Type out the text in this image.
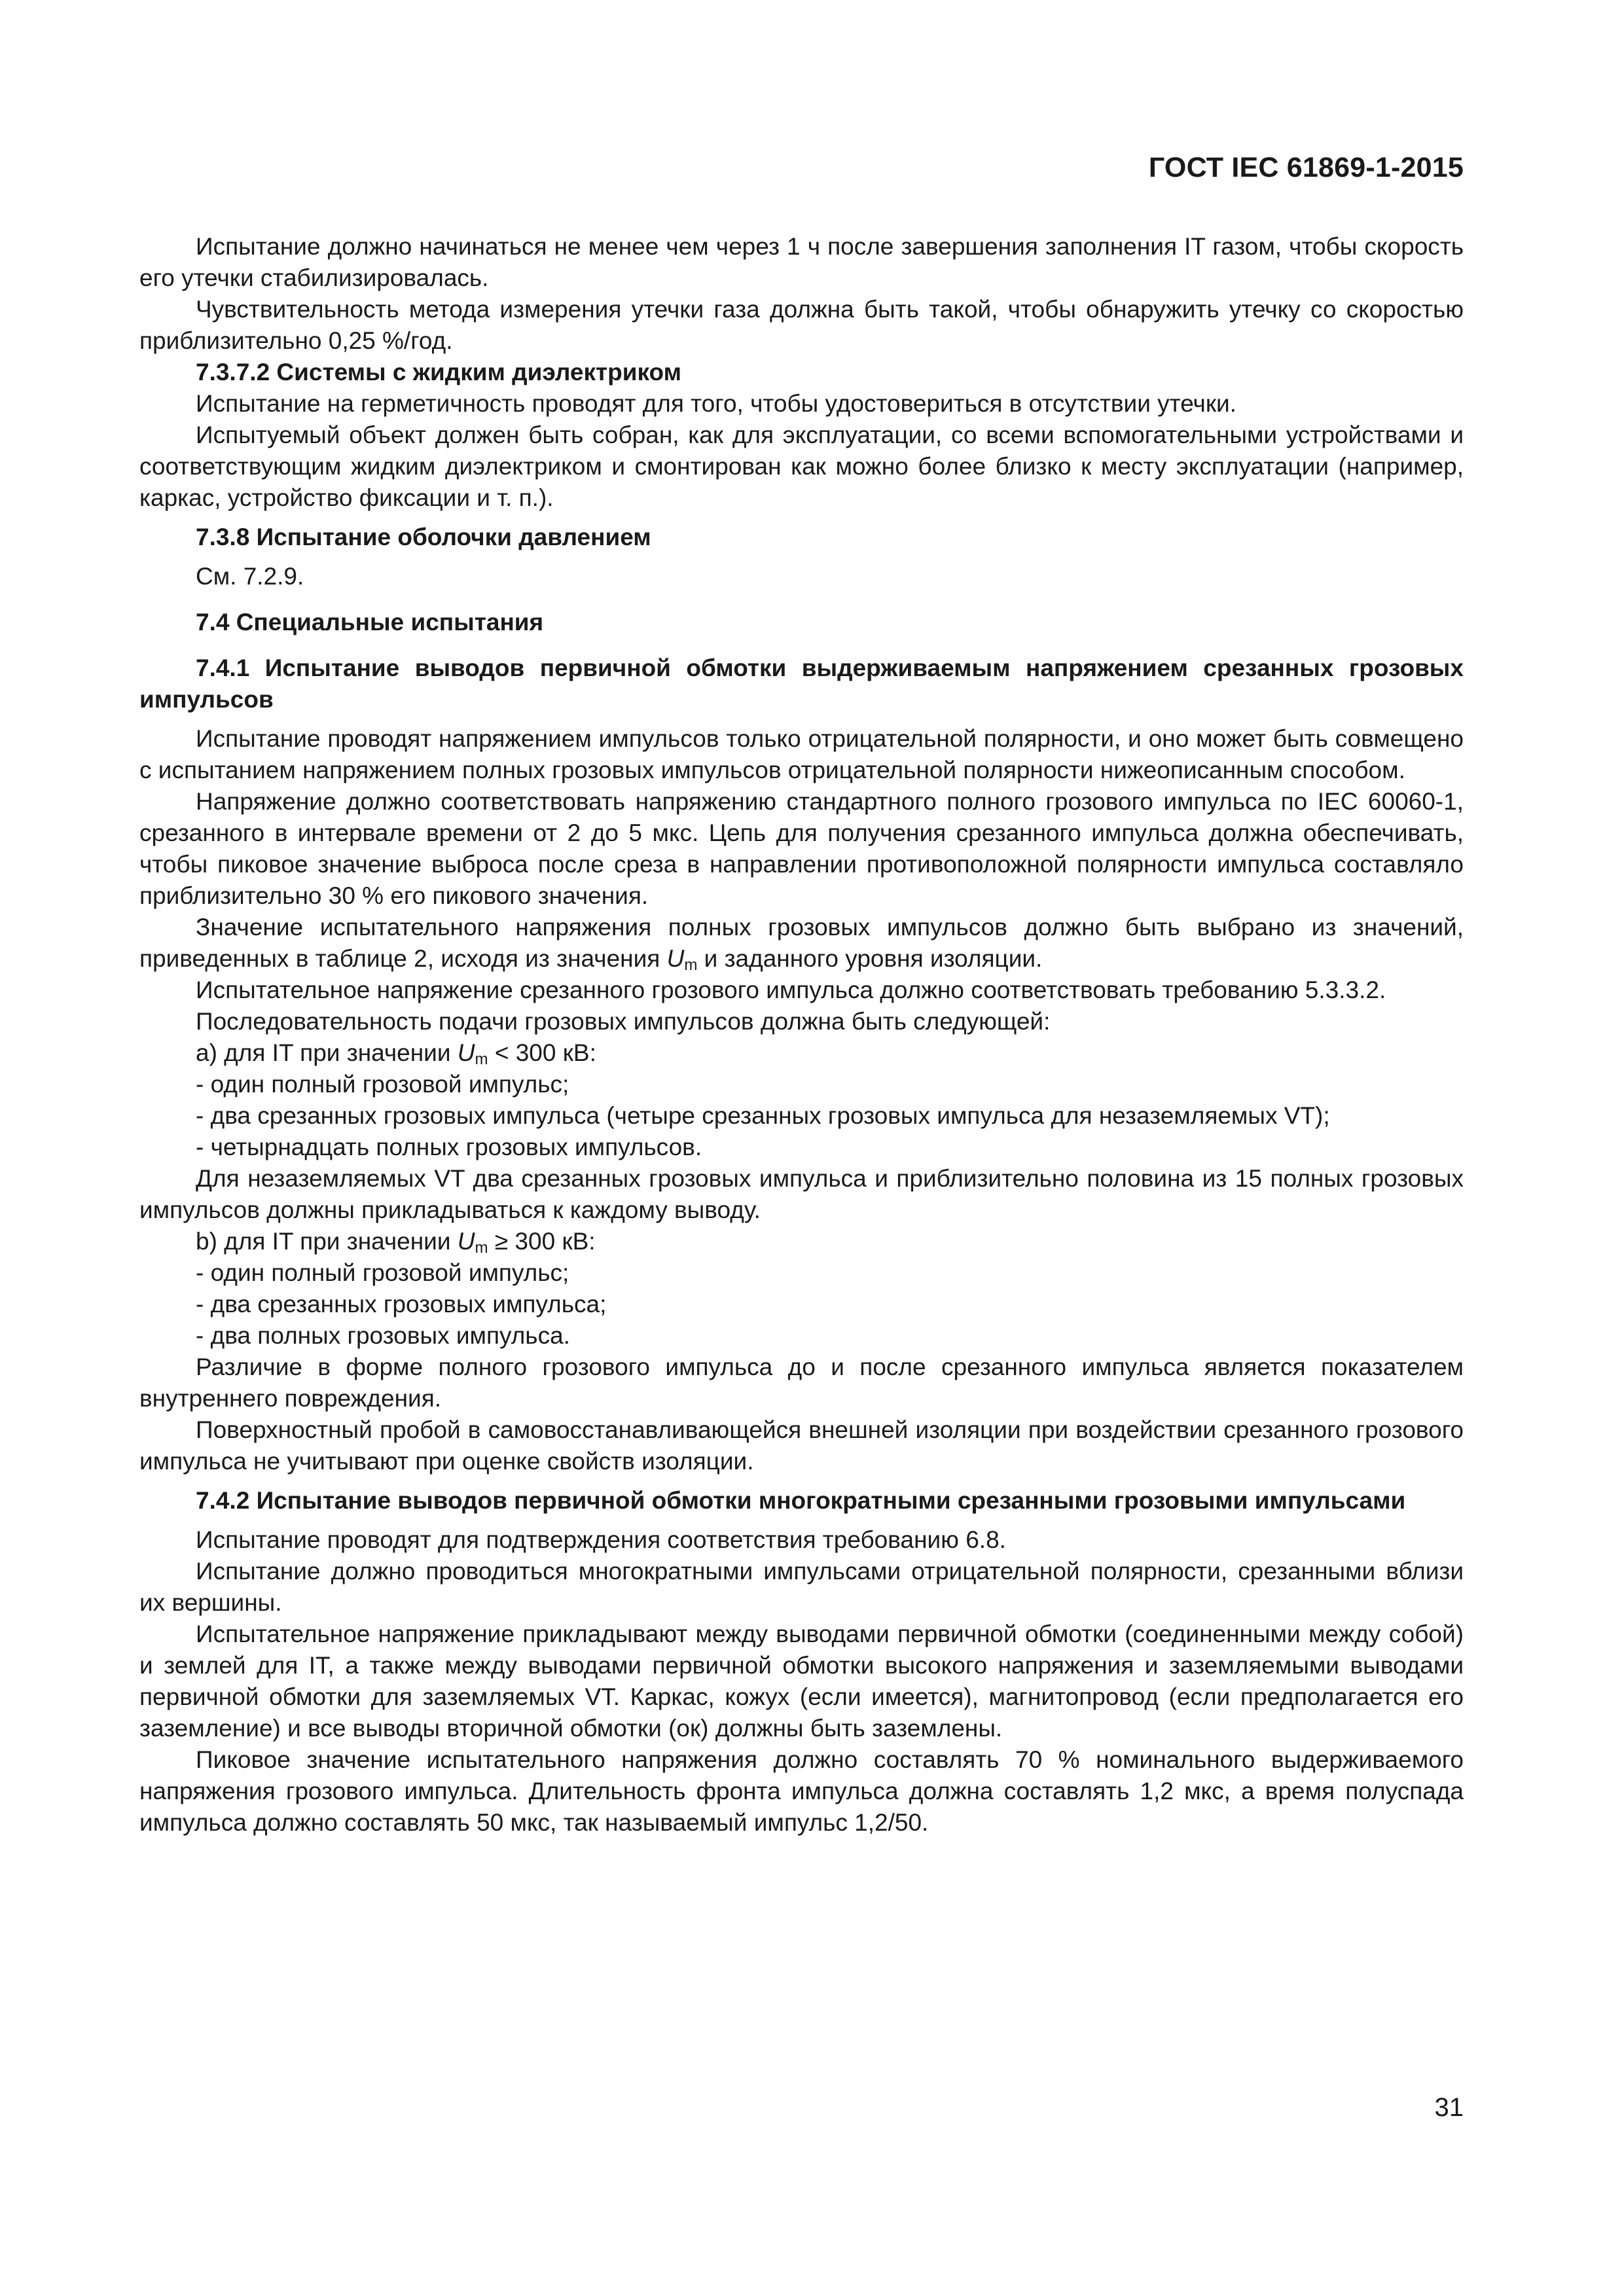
ГОСТ IEC 61869-1-2015

Испытание должно начинаться не менее чем через 1 ч после завершения заполнения IT газом, чтобы скорость его утечки стабилизировалась.

Чувствительность метода измерения утечки газа должна быть такой, чтобы обнаружить утечку со скоростью приблизительно 0,25 %/год.

7.3.7.2 Системы с жидким диэлектриком

Испытание на герметичность проводят для того, чтобы удостовериться в отсутствии утечки.

Испытуемый объект должен быть собран, как для эксплуатации, со всеми вспомогательными устройствами и соответствующим жидким диэлектриком и смонтирован как можно более близко к месту эксплуатации (например, каркас, устройство фиксации и т. п.).

7.3.8 Испытание оболочки давлением

См. 7.2.9.

7.4 Специальные испытания

7.4.1 Испытание выводов первичной обмотки выдерживаемым напряжением срезанных грозовых импульсов

Испытание проводят напряжением импульсов только отрицательной полярности, и оно может быть совмещено с испытанием напряжением полных грозовых импульсов отрицательной полярности нижеописанным способом.

Напряжение должно соответствовать напряжению стандартного полного грозового импульса по IEC 60060-1, срезанного в интервале времени от 2 до 5 мкс. Цепь для получения срезанного импульса должна обеспечивать, чтобы пиковое значение выброса после среза в направлении противоположной полярности импульса составляло приблизительно 30 % его пикового значения.

Значение испытательного напряжения полных грозовых импульсов должно быть выбрано из значений, приведенных в таблице 2, исходя из значения $U_m$ и заданного уровня изоляции.

Испытательное напряжение срезанного грозового импульса должно соответствовать требованию 5.3.3.2.

Последовательность подачи грозовых импульсов должна быть следующей:

a) для IT при значении $U_m < 300$ кВ:

- один полный грозовой импульс;

- два срезанных грозовых импульса (четыре срезанных грозовых импульса для незаземляемых VT);

- четырнадцать полных грозовых импульсов.

Для незаземляемых VT два срезанных грозовых импульса и приблизительно половина из 15 полных грозовых импульсов должны прикладываться к каждому выводу.

b) для IT при значении $U_m \ge 300$ кВ:

- один полный грозовой импульс;

- два срезанных грозовых импульса;

- два полных грозовых импульса.

Различие в форме полного грозового импульса до и после срезанного импульса является показателем внутреннего повреждения.

Поверхностный пробой в самовосстанавливающейся внешней изоляции при воздействии срезанного грозового импульса не учитывают при оценке свойств изоляции.

7.4.2 Испытание выводов первичной обмотки многократными срезанными грозовыми импульсами

Испытание проводят для подтверждения соответствия требованию 6.8.

Испытание должно проводиться многократными импульсами отрицательной полярности, срезанными вблизи их вершины.

Испытательное напряжение прикладывают между выводами первичной обмотки (соединенными между собой) и землей для IT, а также между выводами первичной обмотки высокого напряжения и заземляемыми выводами первичной обмотки для заземляемых VT. Каркас, кожух (если имеется), магнитопровод (если предполагается его заземление) и все выводы вторичной обмотки (ок) должны быть заземлены.

Пиковое значение испытательного напряжения должно составлять 70 % номинального выдерживаемого напряжения грозового импульса. Длительность фронта импульса должна составлять 1,2 мкс, а время полуспада импульса должно составлять 50 мкс, так называемый импульс 1,2/50.

31
